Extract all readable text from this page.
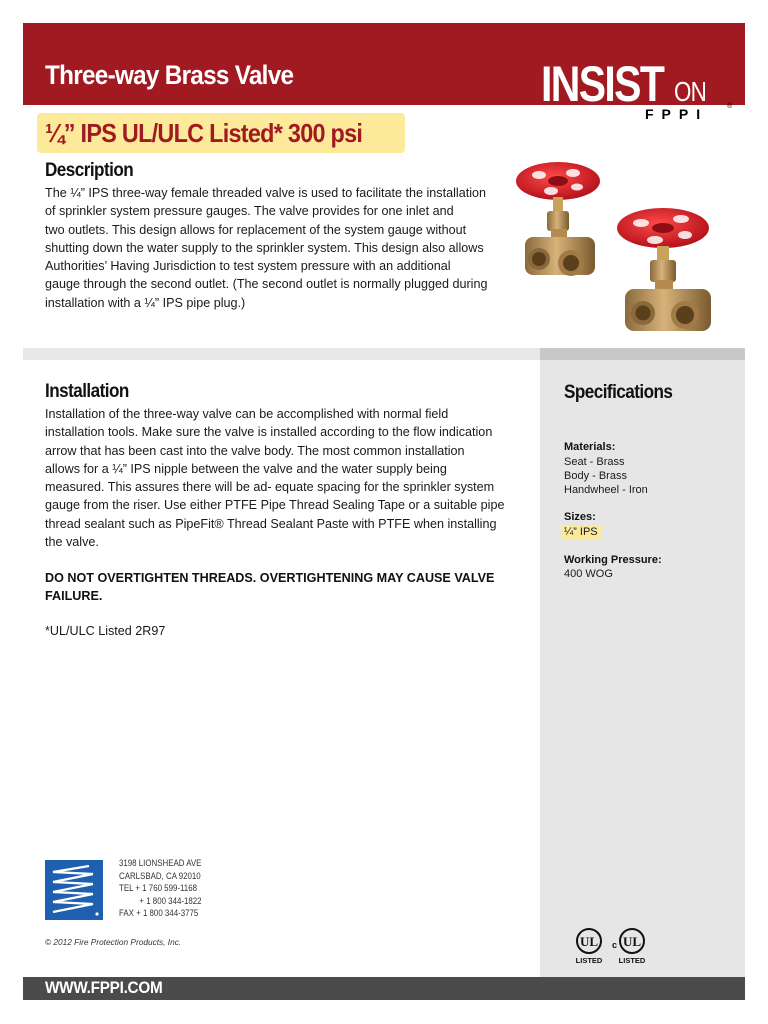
Three-way Brass Valve	INSIST ON
FPPI	®
¼” IPS UL/ULC Listed* 300 psi
Description
The ¼” IPS three-way female threaded valve is used to facilitate the installation
of sprinkler system pressure gauges. The valve provides for one inlet and
two outlets. This design allows for replacement of the system gauge without
shutting down the water supply to the sprinkler system. This design also allows
Authorities’ Having Jurisdiction to test system pressure with an additional
gauge through the second outlet. (The second outlet is normally plugged during
installation with a ¼” IPS pipe plug.)
Specifications
Materials:
Seat - Brass
Body - Brass
Handwheel - Iron
Sizes:
¼” IPS
Working Pressure:
400 WOG
Installation
Installation of the three-way valve can be accomplished with normal field
installation tools. Make sure the valve is installed according to the flow indication
arrow that has been cast into the valve body. The most common installation
allows for a ¼” IPS nipple between the valve and the water supply being
measured. This assures there will be ad- equate spacing for the sprinkler system
gauge from the riser. Use either PTFE Pipe Thread Sealing Tape or a suitable pipe
thread sealant such as PipeFit® Thread Sealant Paste with PTFE when installing
the valve.
DO NOT OVERTIGHTEN THREADS. OVERTIGHTENING MAY CAUSE VALVE
FAILURE.
*UL/ULC Listed 2R97
3198 LIONSHEAD AVE
CARLSBAD, CA 92010
TEL + 1 760 599-1168
+ 1 800 344-1822
FAX + 1 800 344-3775
© 2012 Fire Protection Products, Inc.	UL
LISTED
c UL
LISTED
WWW.FPPI.COM
